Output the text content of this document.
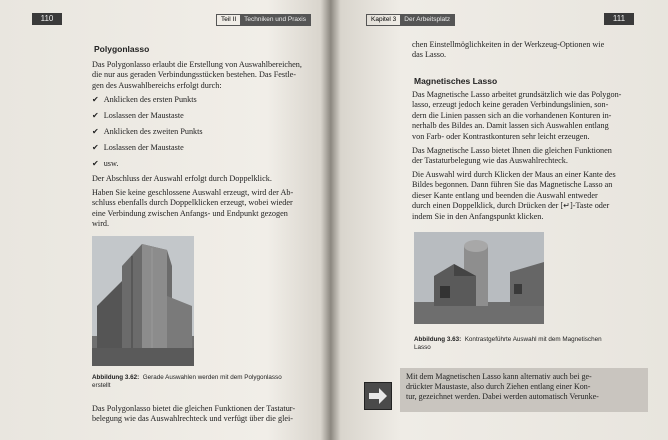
110	Teil II	Techniken und Praxis
Polygonlasso
Das Polygonlasso erlaubt die Erstellung von Auswahlbereichen,
die nur aus geraden Verbindungsstücken bestehen. Das Festle-
gen des Auswahlbereichs erfolgt durch:
✔ Anklicken des ersten Punkts
✔ Loslassen der Maustaste
✔ Anklicken des zweiten Punkts
✔ Loslassen der Maustaste
✔ usw.
Der Abschluss der Auswahl erfolgt durch Doppelklick.
Haben Sie keine geschlossene Auswahl erzeugt, wird der Ab-
schluss ebenfalls durch Doppelklicken erzeugt, wobei wieder
eine Verbindung zwischen Anfangs- und Endpunkt gezogen
wird.
Abbildung 3.62: Gerade Auswahlen werden mit dem Polygonlasso
erstellt
Das Polygonlasso bietet die gleichen Funktionen der Tastatur-
belegung wie das Auswahlrechteck und verfügt über die glei-
Kapitel 3	Der Arbeitsplatz	111
chen Einstellmöglichkeiten in der Werkzeug-Optionen wie
das Lasso.
Magnetisches Lasso
Das Magnetische Lasso arbeitet grundsätzlich wie das Polygon-
lasso, erzeugt jedoch keine geraden Verbindungslinien, son-
dern die Linien passen sich an die vorhandenen Konturen in-
nerhalb des Bildes an. Damit lassen sich Auswahlen entlang
von Farb- oder Kontrastkonturen sehr leicht erzeugen.
Das Magnetische Lasso bietet Ihnen die gleichen Funktionen
der Tastaturbelegung wie das Auswahlrechteck.
Die Auswahl wird durch Klicken der Maus an einer Kante des
Bildes begonnen. Dann führen Sie das Magnetische Lasso an
dieser Kante entlang und beenden die Auswahl entweder
durch einen Doppelklick, durch Drücken der [↵]-Taste oder
indem Sie in den Anfangspunkt klicken.
Abbildung 3.63: Kontrastgeführte Auswahl mit dem Magnetischen
Lasso
Mit dem Magnetischen Lasso kann alternativ auch bei ge-
drückter Maustaste, also durch Ziehen entlang einer Kon-
tur, gezeichnet werden. Dabei werden automatisch Verunke-
